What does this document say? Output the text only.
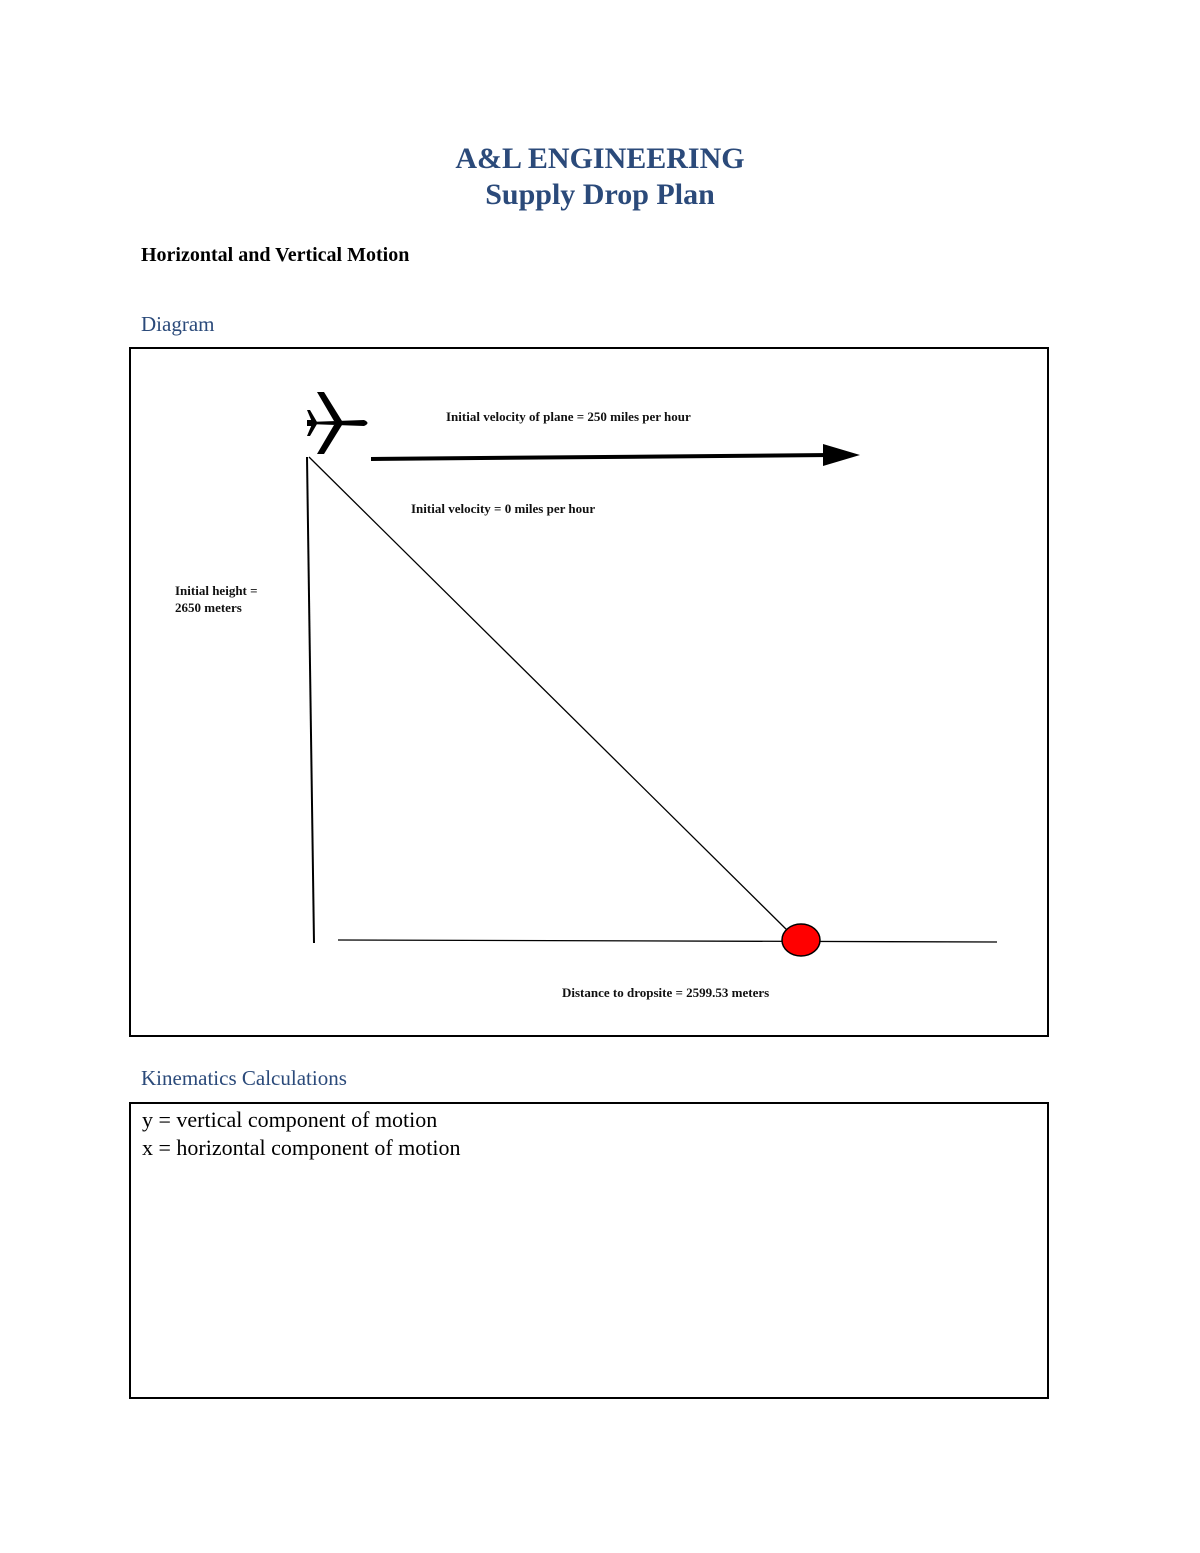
A&L ENGINEERING
Supply Drop Plan
Horizontal and Vertical Motion
Diagram
Initial velocity of plane = 250 miles per hour
Initial velocity = 0 miles per hour
Initial height = 2650 meters
Distance to dropsite = 2599.53 meters
Kinematics Calculations
y = vertical component of motion
x = horizontal component of motion
